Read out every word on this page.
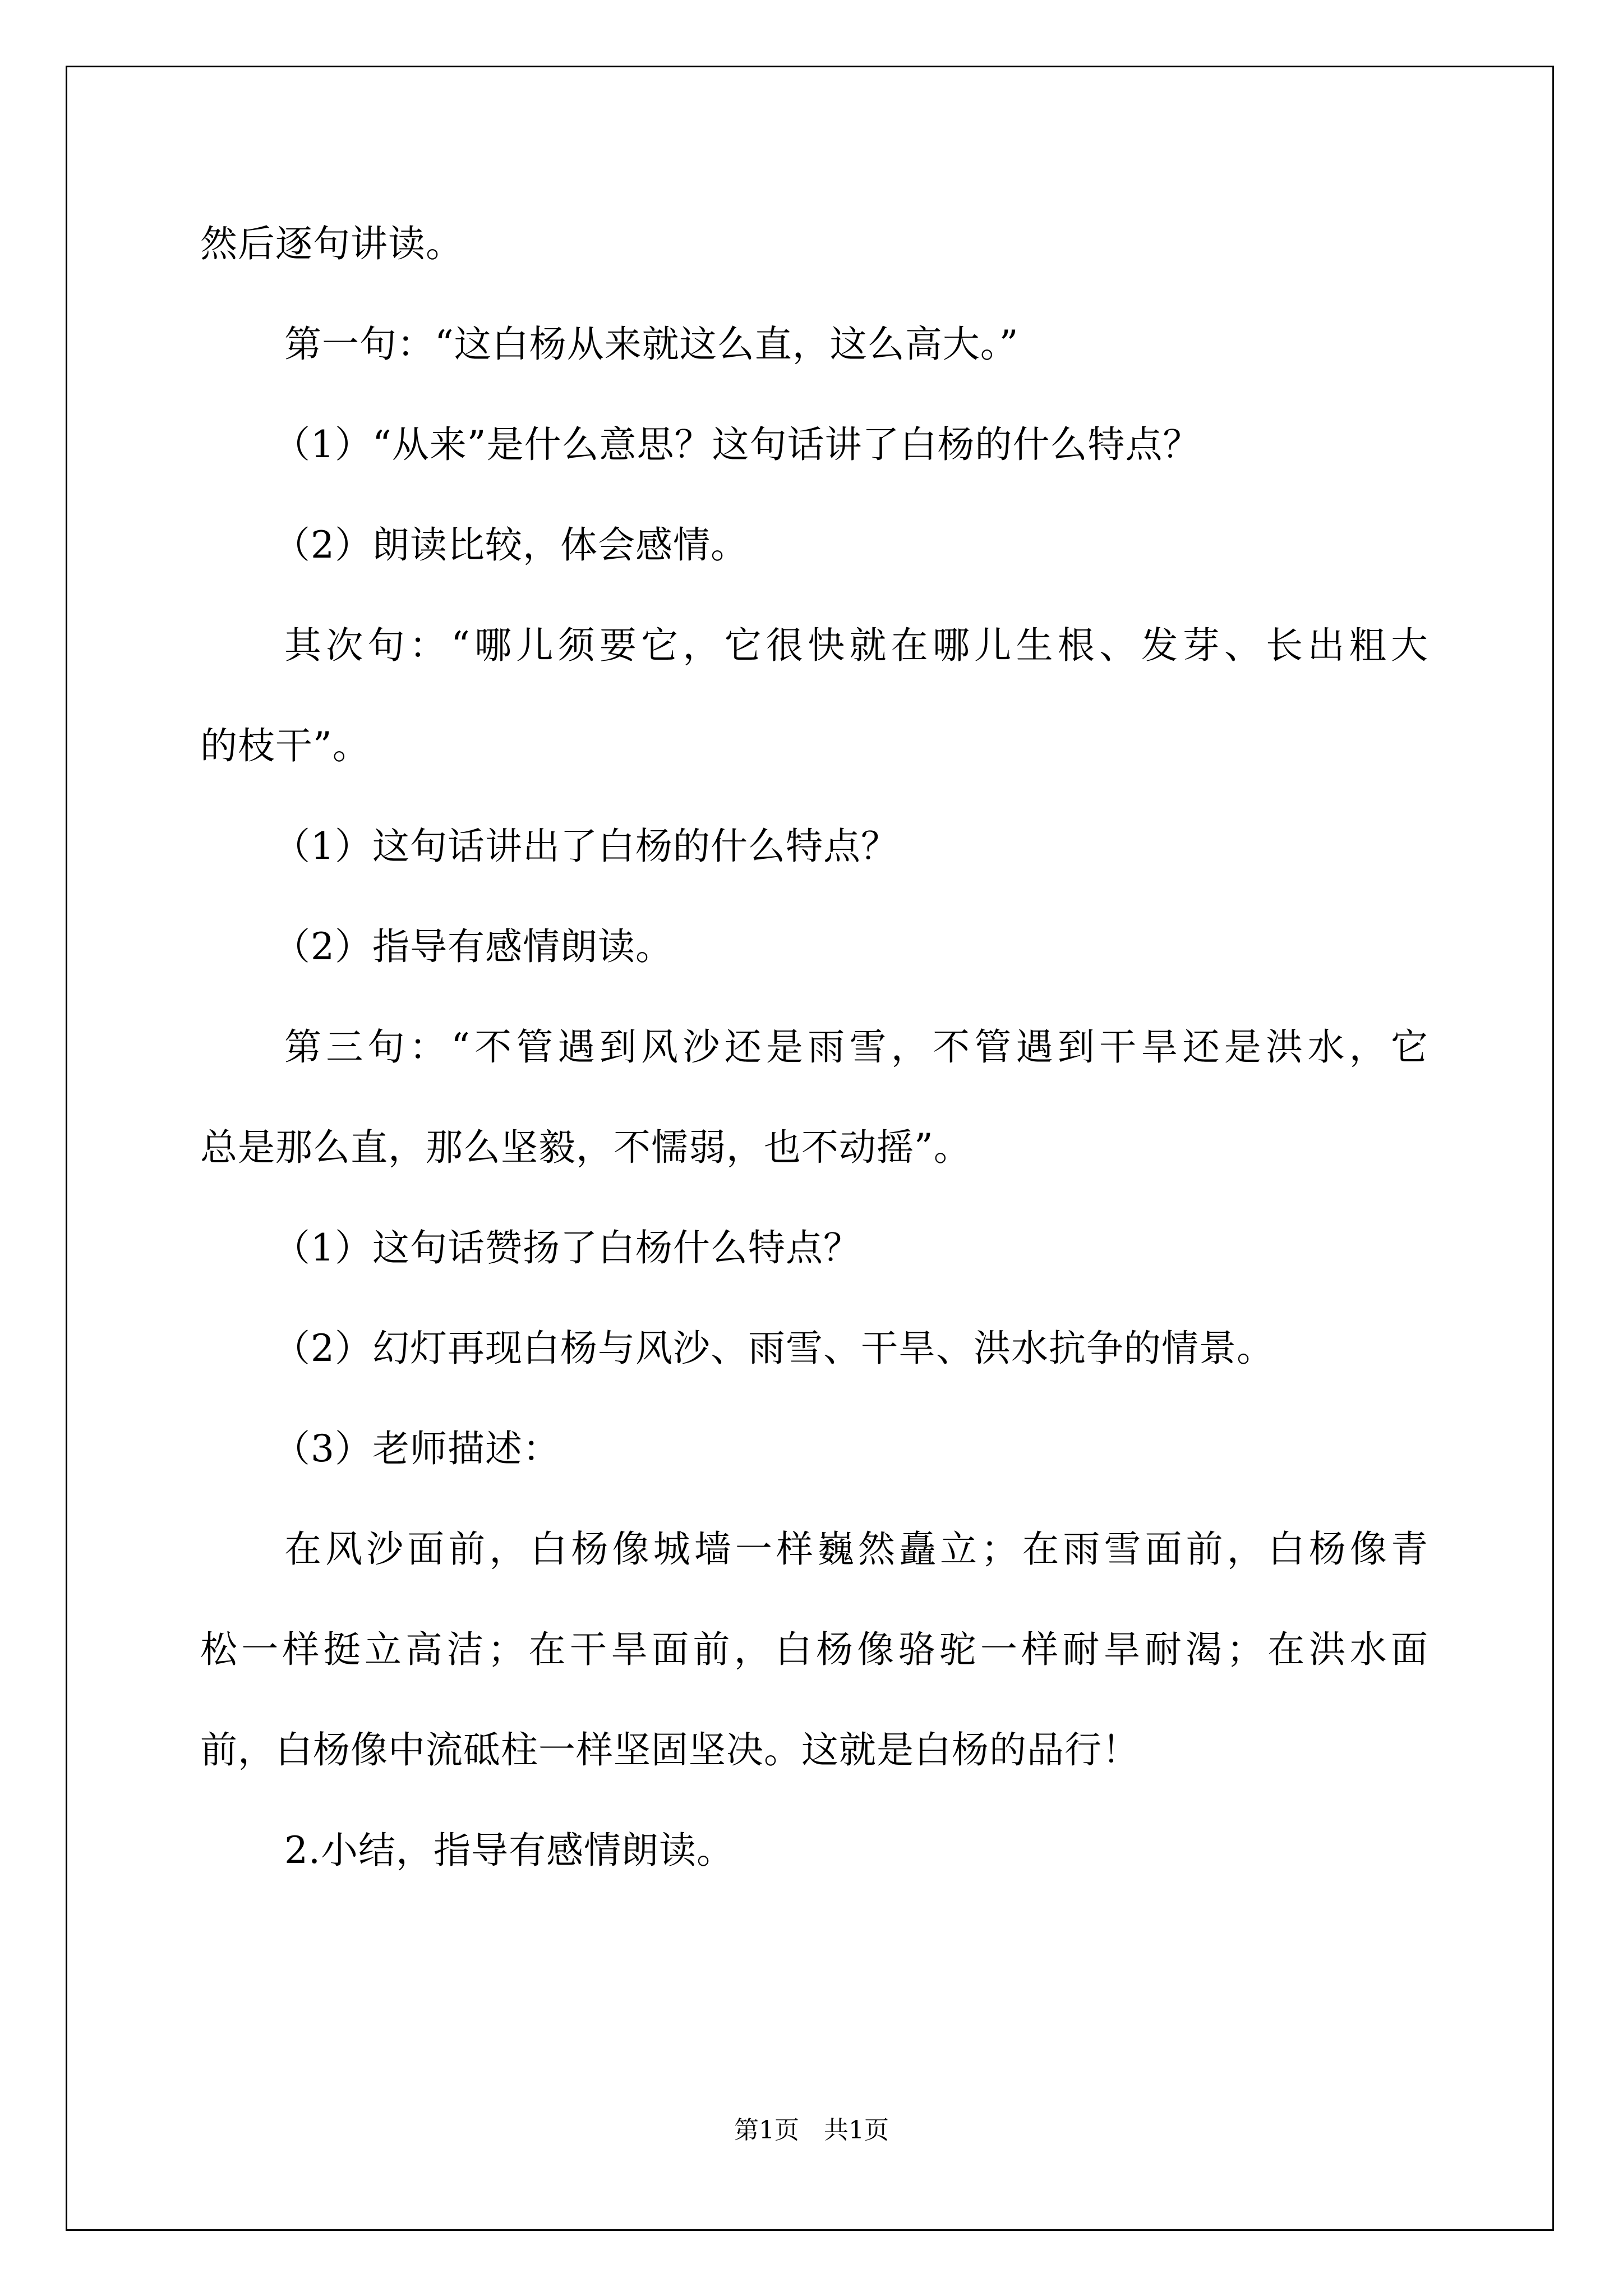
然后逐句讲读。
第一句：“这白杨从来就这么直，这么高大。”
（1）“从来”是什么意思？这句话讲了白杨的什么特点？
（2）朗读比较，体会感情。
其次句：“哪儿须要它，它很快就在哪儿生根、发芽、长出粗大
的枝干”。
（1）这句话讲出了白杨的什么特点？
（2）指导有感情朗读。
第三句：“不管遇到风沙还是雨雪，不管遇到干旱还是洪水，它
总是那么直，那么坚毅，不懦弱，也不动摇”。
（1）这句话赞扬了白杨什么特点？
（2）幻灯再现白杨与风沙、雨雪、干旱、洪水抗争的情景。
（3）老师描述：
在风沙面前，白杨像城墙一样巍然矗立；在雨雪面前，白杨像青
松一样挺立高洁；在干旱面前，白杨像骆驼一样耐旱耐渴；在洪水面
前，白杨像中流砥柱一样坚固坚决。这就是白杨的品行！
2.小结，指导有感情朗读。
第1页　共1页
